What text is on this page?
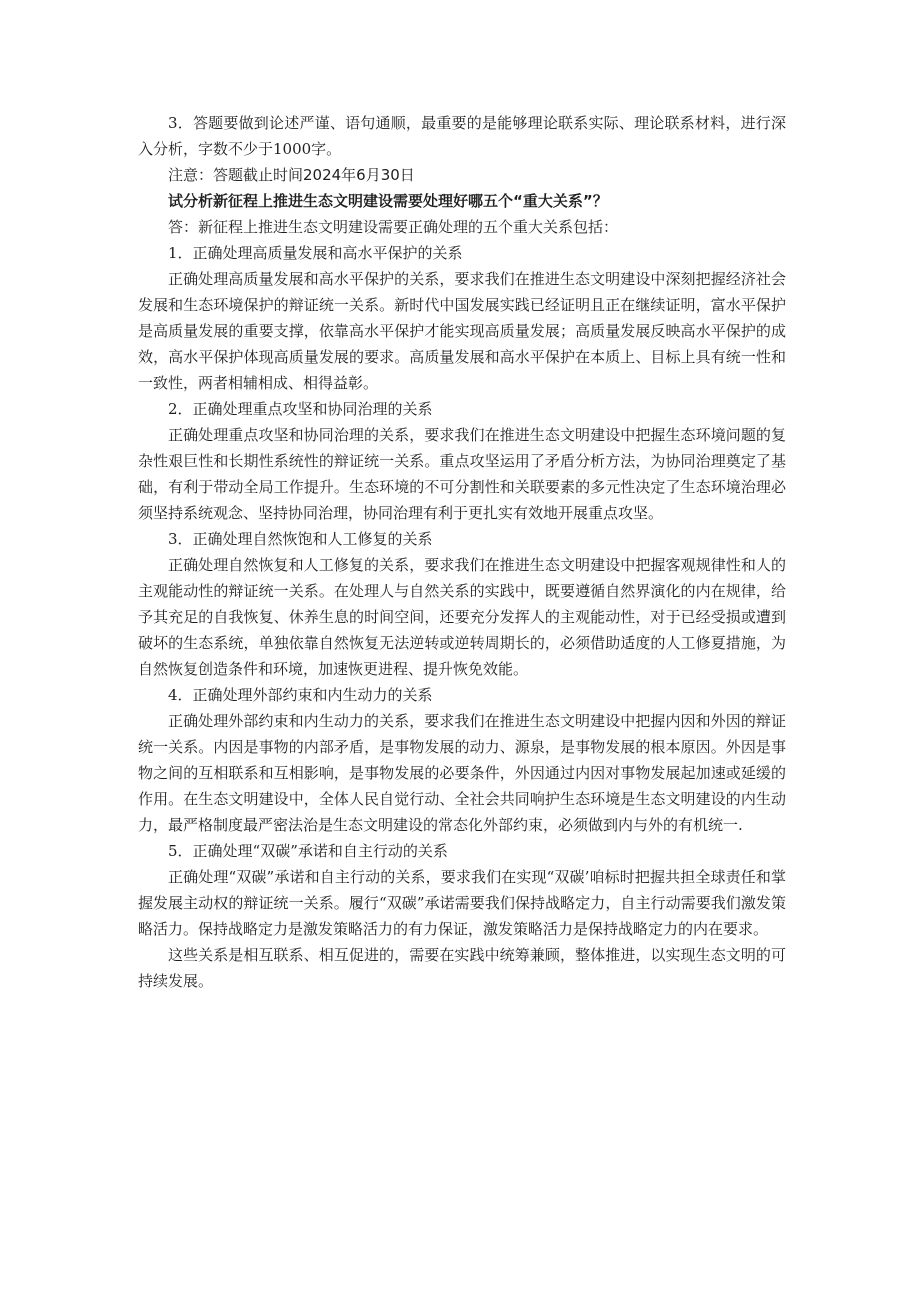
3．答题要做到论述严谨、语句通顺，最重要的是能够理论联系实际、理论联系材料，进行深入分析，字数不少于1000字。

注意：答题截止时间2024年6月30日

试分析新征程上推进生态文明建设需要处理好哪五个“重大关系”？

答：新征程上推进生态文明建设需要正确处理的五个重大关系包括：

1．正确处理高质量发展和高水平保护的关系

正确处理高质量发展和高水平保护的关系，要求我们在推进生态文明建设中深刻把握经济社会发展和生态环境保护的辩证统一关系。新时代中国发展实践已经证明且正在继续证明，富水平保护是高质量发展的重要支撑，依靠高水平保护才能实现高质量发展；高质量发展反映高水平保护的成效，高水平保护体现高质量发展的要求。高质量发展和高水平保护在本质上、目标上具有统一性和一致性，两者相辅相成、相得益彰。

2．正确处理重点攻坚和协同治理的关系

正确处理重点攻坚和协同治理的关系，要求我们在推进生态文明建设中把握生态环境问题的复杂性艰巨性和长期性系统性的辩证统一关系。重点攻坚运用了矛盾分析方法，为协同治理奠定了基础，有利于带动全局工作提升。生态环境的不可分割性和关联要素的多元性决定了生态环境治理必须坚持系统观念、坚持协同治理，协同治理有利于更扎实有效地开展重点攻坚。

3．正确处理自然恢饱和人工修复的关系

正确处理自然恢复和人工修复的关系，要求我们在推进生态文明建设中把握客观规律性和人的主观能动性的辩证统一关系。在处理人与自然关系的实践中，既要遵循自然界演化的内在规律，给予其充足的自我恢复、休养生息的时间空间，还要充分发挥人的主观能动性，对于已经受损或遭到破坏的生态系统，单独依靠自然恢复无法逆转或逆转周期长的，必须借助适度的人工修夏措施，为自然恢复创造条件和环境，加速恢更进程、提升恢免效能。

4．正确处理外部约束和内生动力的关系

正确处理外部约束和内生动力的关系，要求我们在推进生态文明建设中把握内因和外因的辩证统一关系。内因是事物的内部矛盾，是事物发展的动力、源泉，是事物发展的根本原因。外因是事物之间的互相联系和互相影响，是事物发展的必要条件，外因通过内因对事物发展起加速或延缓的作用。在生态文明建设中，全体人民自觉行动、全社会共同响护生态环境是生态文明建设的内生动力，最严格制度最严密法治是生态文明建设的常态化外部约束，必须做到内与外的有机统一.

5．正确处理“双碳”承诺和自主行动的关系

正确处理“双碳”承诺和自主行动的关系，要求我们在实现“双碳’咱标时把握共担全球责任和掌握发展主动权的辩证统一关系。履行“双碳”承诺需要我们保持战略定力，自主行动需要我们激发策略活力。保持战略定力是激发策略活力的有力保证，激发策略活力是保持战略定力的内在要求。

这些关系是相互联系、相互促进的，需要在实践中统筹兼顾，整体推进，以实现生态文明的可持续发展。
